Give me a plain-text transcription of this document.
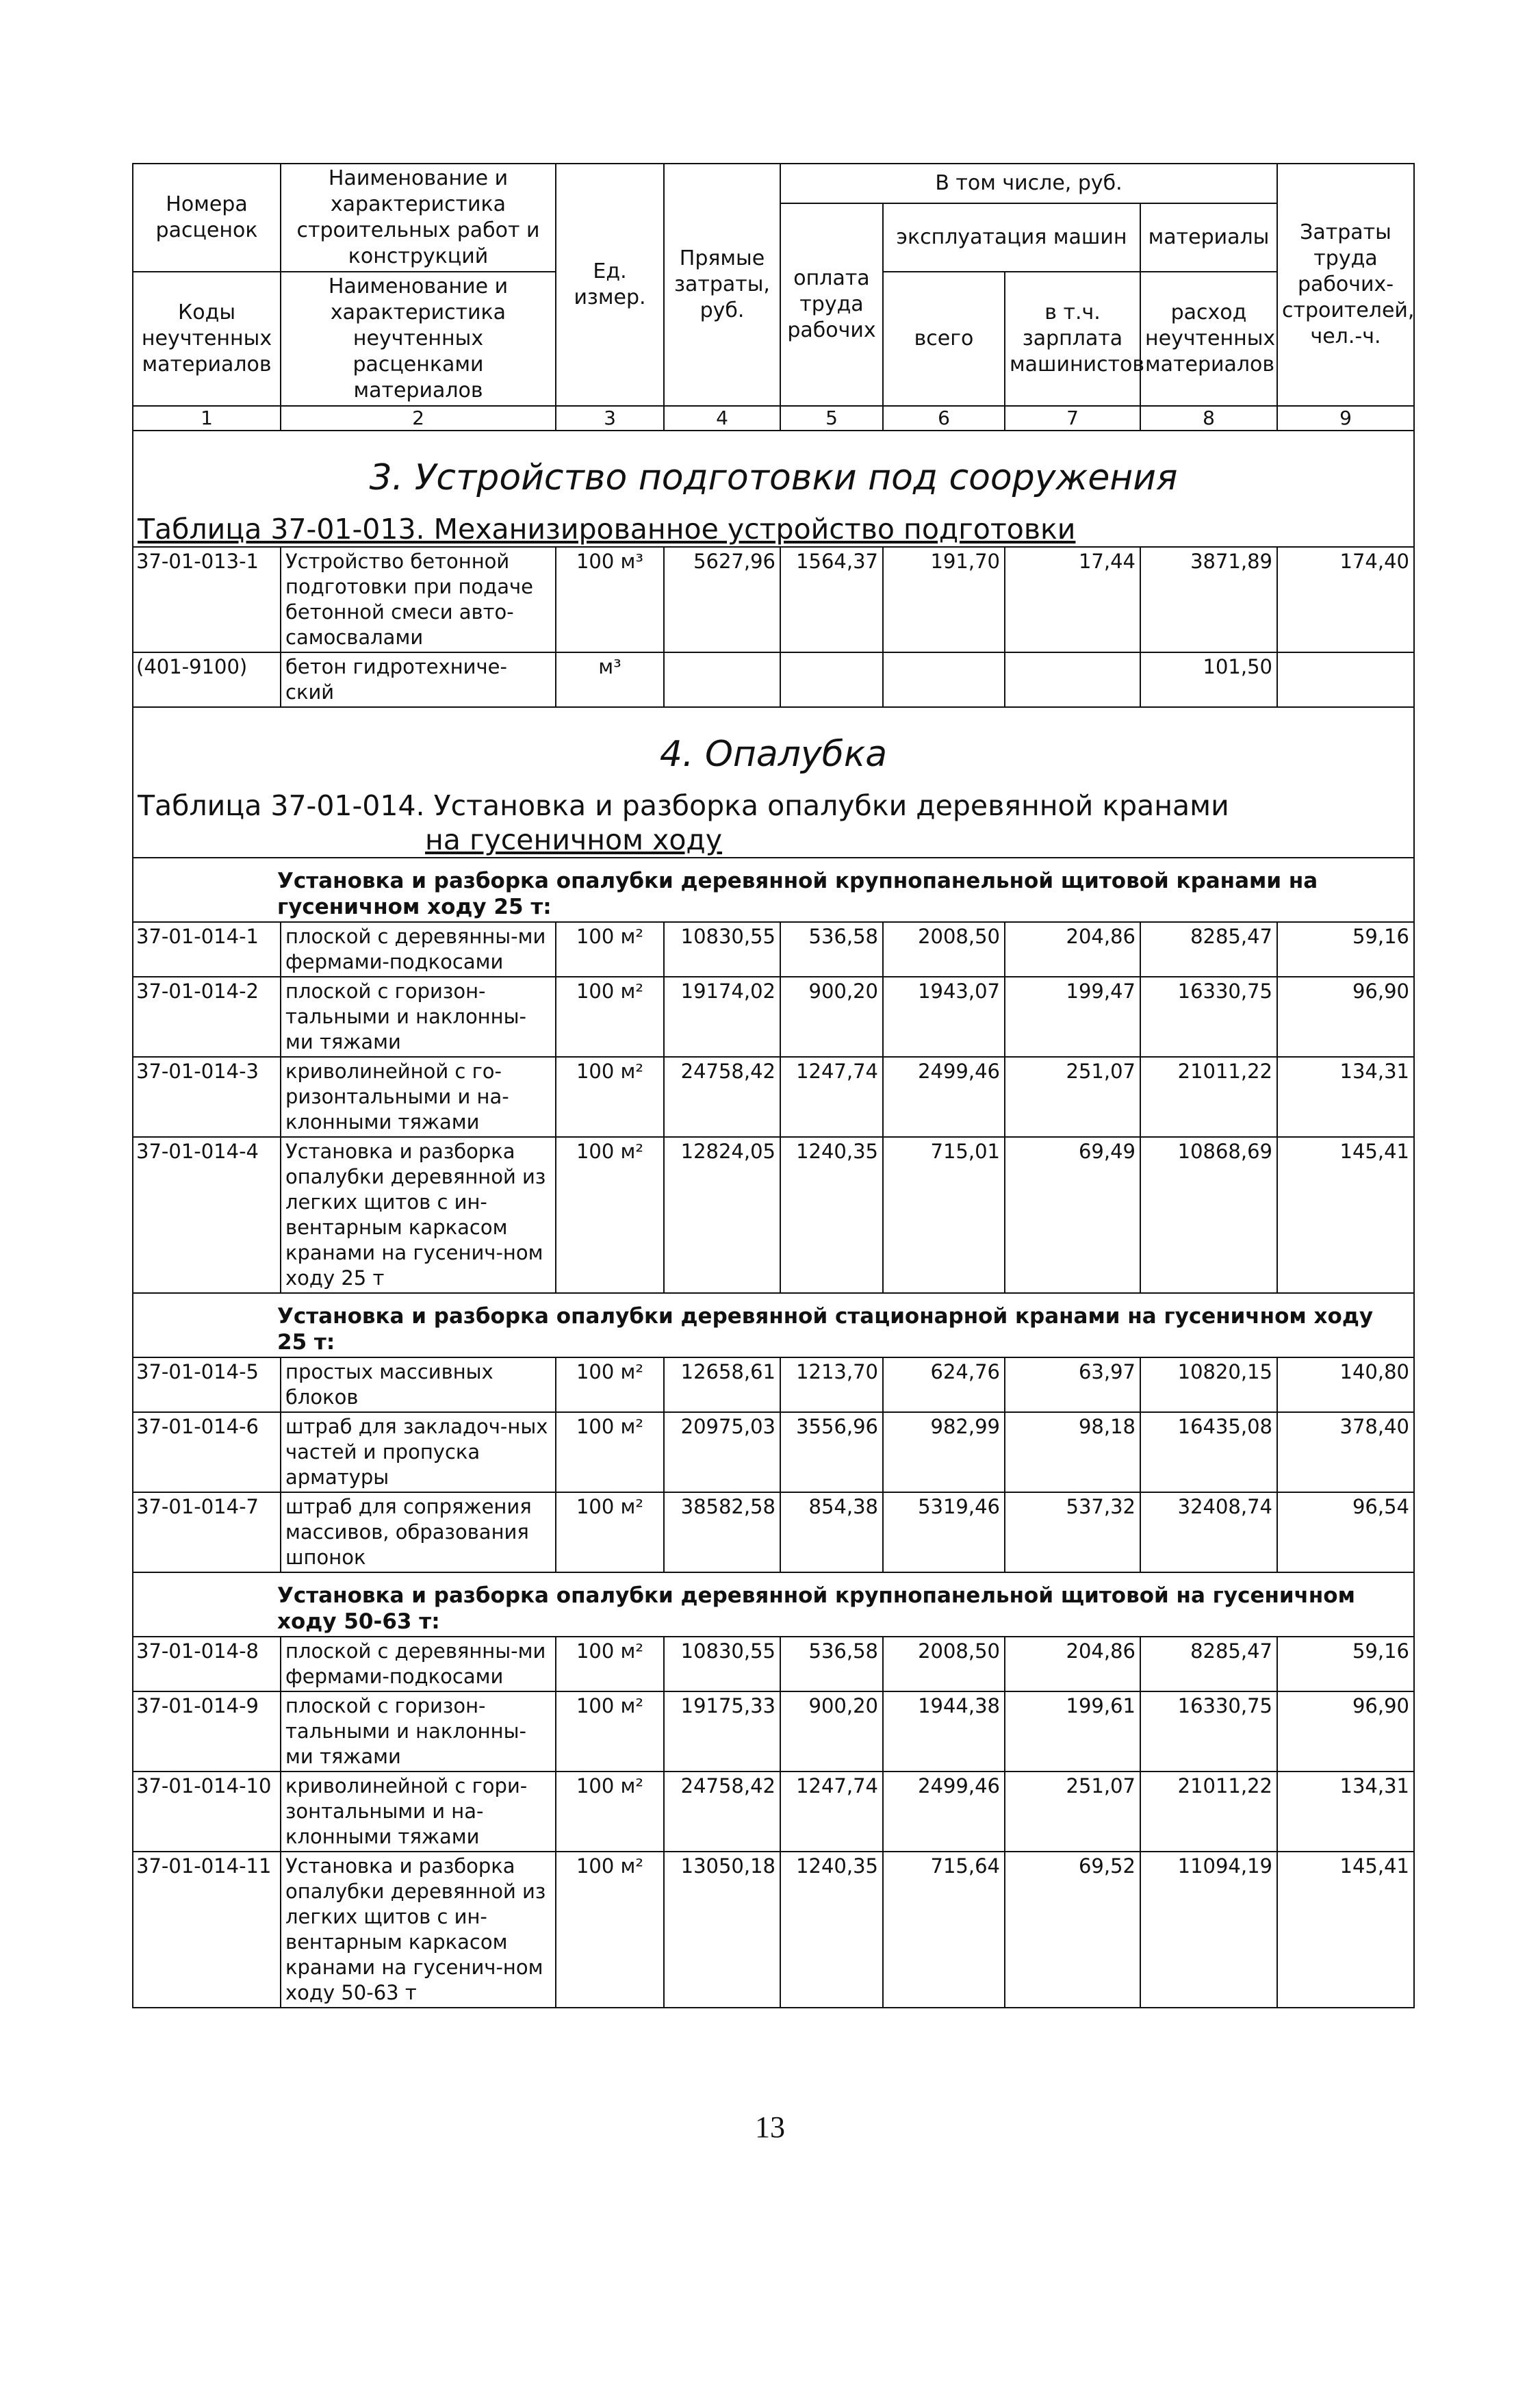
Номера расценок	Наименование и характеристика строительных работ и конструкций	Ед. измер.	Прямые затраты, руб.	В том числе, руб.				Затраты труда рабочих-строителей, чел.-ч.
				оплата труда рабочих	эксплуатация машин		материалы	
Коды неучтенных материалов	Наименование и характеристика неучтенных расценками материалов				всего	в т.ч. зарплата машинистов	расход неучтенных материалов	

1	2	3	4	5	6	7	8	9
3. Устройство подготовки под сооружения								
Таблица 37-01-013. Механизированное устройство подготовки								
37-01-013-1	Устройство бетонной подготовки при подаче бетонной смеси авто-самосвалами	100 м³	5627,96	1564,37	191,70	17,44	3871,89	174,40
(401-9100)	бетон гидротехниче-ский	м³					101,50	
4. Опалубка								

Таблица 37-01-014. Установка и разборка опалубки деревянной кранами
на гусеничном ходу								

Установка и разборка опалубки деревянной крупнопанельной щитовой кранами на гусеничном ходу 25 т:								
37-01-014-1	плоской с деревянны-ми фермами-подкосами	100 м²	10830,55	536,58	2008,50	204,86	8285,47	59,16
37-01-014-2	плоской с горизон-тальными и наклонны-ми тяжами	100 м²	19174,02	900,20	1943,07	199,47	16330,75	96,90
37-01-014-3	криволинейной с го-ризонтальными и на-клонными тяжами	100 м²	24758,42	1247,74	2499,46	251,07	21011,22	134,31
37-01-014-4	Установка и разборка опалубки деревянной из легких щитов с ин-вентарным каркасом кранами на гусенич-ном ходу 25 т	100 м²	12824,05	1240,35	715,01	69,49	10868,69	145,41
Установка и разборка опалубки деревянной стационарной кранами на гусеничном ходу 25 т:								
37-01-014-5	простых массивных блоков	100 м²	12658,61	1213,70	624,76	63,97	10820,15	140,80
37-01-014-6	штраб для закладоч-ных частей и пропуска арматуры	100 м²	20975,03	3556,96	982,99	98,18	16435,08	378,40
37-01-014-7	штраб для сопряжения массивов, образования шпонок	100 м²	38582,58	854,38	5319,46	537,32	32408,74	96,54
Установка и разборка опалубки деревянной крупнопанельной щитовой на гусеничном ходу 50-63 т:								
37-01-014-8	плоской с деревянны-ми фермами-подкосами	100 м²	10830,55	536,58	2008,50	204,86	8285,47	59,16
37-01-014-9	плоской с горизон-тальными и наклонны-ми тяжами	100 м²	19175,33	900,20	1944,38	199,61	16330,75	96,90
37-01-014-10	криволинейной с гори-зонтальными и на-клонными тяжами	100 м²	24758,42	1247,74	2499,46	251,07	21011,22	134,31
37-01-014-11	Установка и разборка опалубки деревянной из легких щитов с ин-вентарным каркасом кранами на гусенич-ном ходу 50-63 т	100 м²	13050,18	1240,35	715,64	69,52	11094,19	145,41
13
